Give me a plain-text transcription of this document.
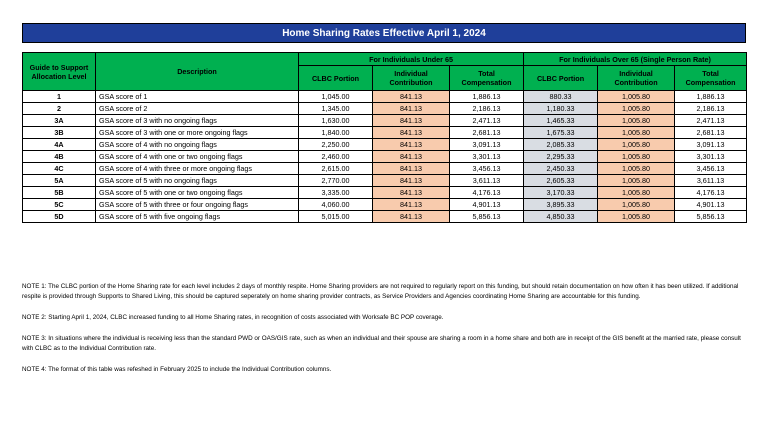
Home Sharing Rates Effective April 1, 2024
Guide to Support Allocation Level	Description	For Individuals Under 65			For Individuals Over 65 (Single Person Rate)		
		CLBC Portion	Individual Contribution	Total Compensation	CLBC Portion	Individual Contribution	Total Compensation
1	GSA score of 1	1,045.00	841.13	1,886.13	880.33	1,005.80	1,886.13
2	GSA score of 2	1,345.00	841.13	2,186.13	1,180.33	1,005.80	2,186.13
3A	GSA score of 3 with no ongoing flags	1,630.00	841.13	2,471.13	1,465.33	1,005.80	2,471.13
3B	GSA score of 3 with one or more ongoing flags	1,840.00	841.13	2,681.13	1,675.33	1,005.80	2,681.13
4A	GSA score of 4 with no ongoing flags	2,250.00	841.13	3,091.13	2,085.33	1,005.80	3,091.13
4B	GSA score of 4 with one or two ongoing flags	2,460.00	841.13	3,301.13	2,295.33	1,005.80	3,301.13
4C	GSA score of 4 with three or more ongoing flags	2,615.00	841.13	3,456.13	2,450.33	1,005.80	3,456.13
5A	GSA score of 5 with no ongoing flags	2,770.00	841.13	3,611.13	2,605.33	1,005.80	3,611.13
5B	GSA score of 5 with one or two ongoing flags	3,335.00	841.13	4,176.13	3,170.33	1,005.80	4,176.13
5C	GSA score of 5 with three or four ongoing flags	4,060.00	841.13	4,901.13	3,895.33	1,005.80	4,901.13
5D	GSA score of 5 with five ongoing flags	5,015.00	841.13	5,856.13	4,850.33	1,005.80	5,856.13

NOTE 1: The CLBC portion of the Home Sharing rate for each level includes 2 days of monthly respite. Home Sharing providers are not required to regularly report on this funding, but should retain documentation on how often it has been utilized. If additional respite is provided through Supports to Shared Living, this should be captured seperately on home sharing provider contracts, as Service Providers and Agencies coordinating Home Sharing are accountable for this funding.

NOTE 2: Starting April 1, 2024, CLBC increased funding to all Home Sharing rates, in recognition of costs associated with Worksafe BC POP coverage.

NOTE 3: In situations where the individual is receiving less than the standard PWD or OAS/GIS rate, such as when an individual and their spouse are sharing a room in a home share and both are in receipt of the GIS benefit at the married rate, please consult with CLBC as to the Individual Contribution rate.

NOTE 4: The format of this table was refeshed in February 2025 to include the Individual Contribution columns.
